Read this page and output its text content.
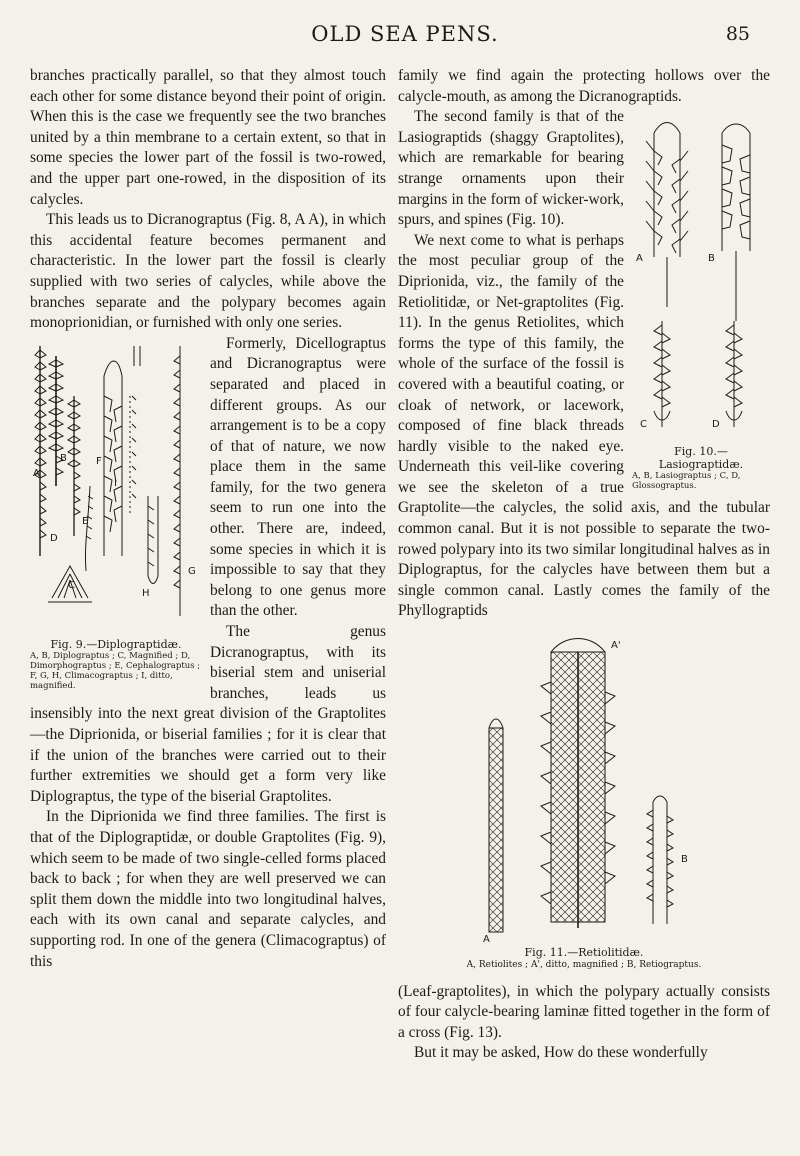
OLD SEA PENS.	85

branches practically parallel, so that they almost touch each other for some distance beyond their point of origin. When this is the case we frequently see the two branches united by a thin membrane to a certain extent, so that in some species the lower part of the fossil is two-rowed, and the upper part one-rowed, in the disposition of its calycles.

This leads us to Dicranograptus (Fig. 8, A A), in which this accidental feature becomes permanent and characteristic. In the lower part the fossil is clearly supplied with two series of calycles, while above the branches separate and the polypary becomes again monoprionidian, or furnished with only one series.

A
B
C
D
E
F
G
H
I
Fig. 9.—Diplograptidæ.
A, B, Diplograptus ; C, Magnified ; D, Dimorphograptus ; E, Cephalograptus ; F, G, H, Climacograptus ; I, ditto, magnified.

Formerly, Dicellograptus and Dicranograptus were separated and placed in different groups. As our arrangement is to be a copy of that of nature, we now place them in the same family, for the two genera seem to run one into the other. There are, indeed, some species in which it is impossible to say that they belong to one genus more than the other.

The genus Dicranograptus, with its biserial stem and uniserial branches, leads us insensibly into the next great division of the Graptolites—the Diprionida, or biserial families ; for it is clear that if the union of the branches were carried out to their further extremities we should get a form very like Diplograptus, the type of the biserial Graptolites.

In the Diprionida we find three families. The first is that of the Diplograptidæ, or double Graptolites (Fig. 9), which seem to be made of two single-celled forms placed back to back ; for when they are well preserved we can split them down the middle into two longitudinal halves, each with its own canal and separate calycles, and supporting rod. In one of the genera (Climacograptus) of this

family we find again the protecting hollows over the calycle-mouth, as among the Dicranograptids.

A	B
C	D
Fig. 10.—Lasiograptidæ.
A, B, Lasiograptus ; C, D, Glossograptus.

The second family is that of the Lasiograptids (shaggy Graptolites), which are remarkable for bearing strange ornaments upon their margins in the form of wicker-work, spurs, and spines (Fig. 10).

We next come to what is perhaps the most peculiar group of the Diprionida, viz., the family of the Retiolitidæ, or Net-graptolites (Fig. 11). In the genus Retiolites, which forms the type of this family, the whole of the surface of the fossil is covered with a beautiful coating, or cloak of network, or lacework, composed of fine black threads hardly visible to the naked eye. Underneath this veil-like covering we see the skeleton of a true Graptolite—the calycles, the solid axis, and the tubular common canal. But it is not possible to separate the two-rowed polypary into its two similar longitudinal halves as in Diplograptus, for the calycles have between them but a single common canal. Lastly comes the family of the Phyllograptids

A
A'
B
Fig. 11.—Retiolitidæ.
A, Retiolites ; A', ditto, magnified ; B, Retiograptus.

(Leaf-graptolites), in which the polypary actually consists of four calycle-bearing laminæ fitted together in the form of a cross (Fig. 13).

But it may be asked, How do these wonderfully
